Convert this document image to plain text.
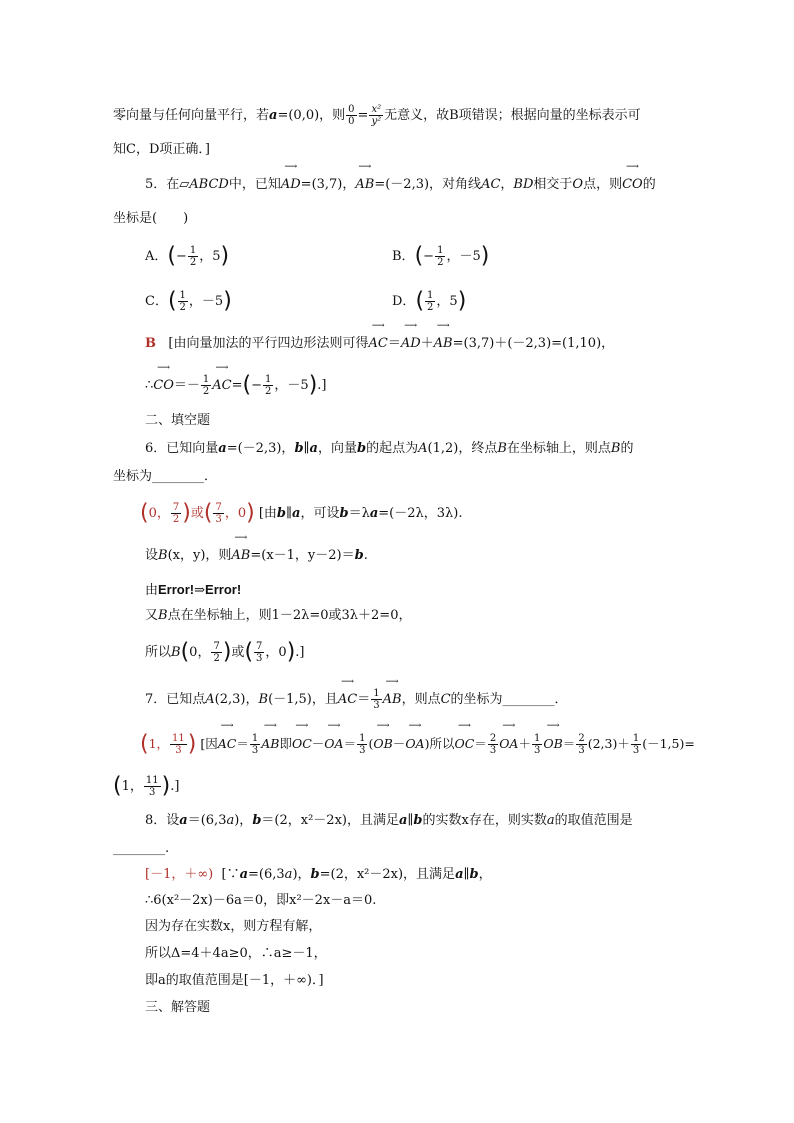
零向量与任何向量平行，若a=(0,0)，则 $\frac{0}{0} = \frac{\text{x²}}{\text{y²}}$ 无意义，故B项错误；根据向量的坐标表示可
知C，D项正确．]
5．在▱ABCD中，已知⟶ AD=(3,7)，⟶ AB=(－2,3)，对角线AC，BD相交于O点，则⟶ CO的
坐标是(　　)
A．(− $\frac{1}{2}$ ，5)	B．(− $\frac{1}{2}$ ，－5)
C．( $\frac{1}{2}$ ，－5)	D．( $\frac{1}{2}$ ，5)
B [由向量加法的平行四边形法则可得⟶ AC＝⟶ AD＋⟶ AB=(3,7)＋(－2,3)=(1,10)，
∴⟶ $CO=- \frac{1}{2}$ ⟶ $AC=(- \frac{1}{2}$ ，－5).]
二、填空题
6．已知向量a=(－2,3)，b∥a，向量b的起点为A(1,2)，终点B在坐标轴上，则点B的
坐标为________．
(0， $\frac{7}{2}$ )或( $\frac{7}{3}$ ，0) [由b∥a，可设b＝λa=(－2λ，3λ).
设B(x，y)，则⟶ AB=(x－1，y－2)＝b.
由Error!⇒Error!
又B点在坐标轴上，则1－2λ=0或3λ＋2=0，
所以B(0， $\frac{7}{2}$ )或( $\frac{7}{3}$ ，0).]
7．已知点A(2,3)，B(－1,5)，且⟶ $AC= \frac{1}{3}$ ⟶ AB，则点C的坐标为________．
(1， $\frac{11}{3}$ ) [因⟶ $AC= \frac{1}{3}$ ⟶ AB即⟶ OC－⟶ $OA= \frac{1}{3}$ (⟶ OB－⟶ OA)所以⟶ $OC= \frac{2}{3}$ ⟶ $OA+ \frac{1}{3}$ ⟶ $OB= \frac{2}{3} (2,3)+ \frac{1}{3} (-1,5)=$
(1， $\frac{11}{3}$ ).]
8．设a＝(6,3a)，b＝(2，x²－2x)，且满足a∥b的实数x存在，则实数a的取值范围是
________.
[－1，＋∞) [∵a=(6,3a)，b=(2，x²－2x)，且满足a∥b，
∴6(x²－2x)－6a＝0，即x²－2x－a＝0.
因为存在实数x，则方程有解，
所以Δ=4＋4a≥0，∴a≥－1，
即a的取值范围是[－1，＋∞)．]
三、解答题
